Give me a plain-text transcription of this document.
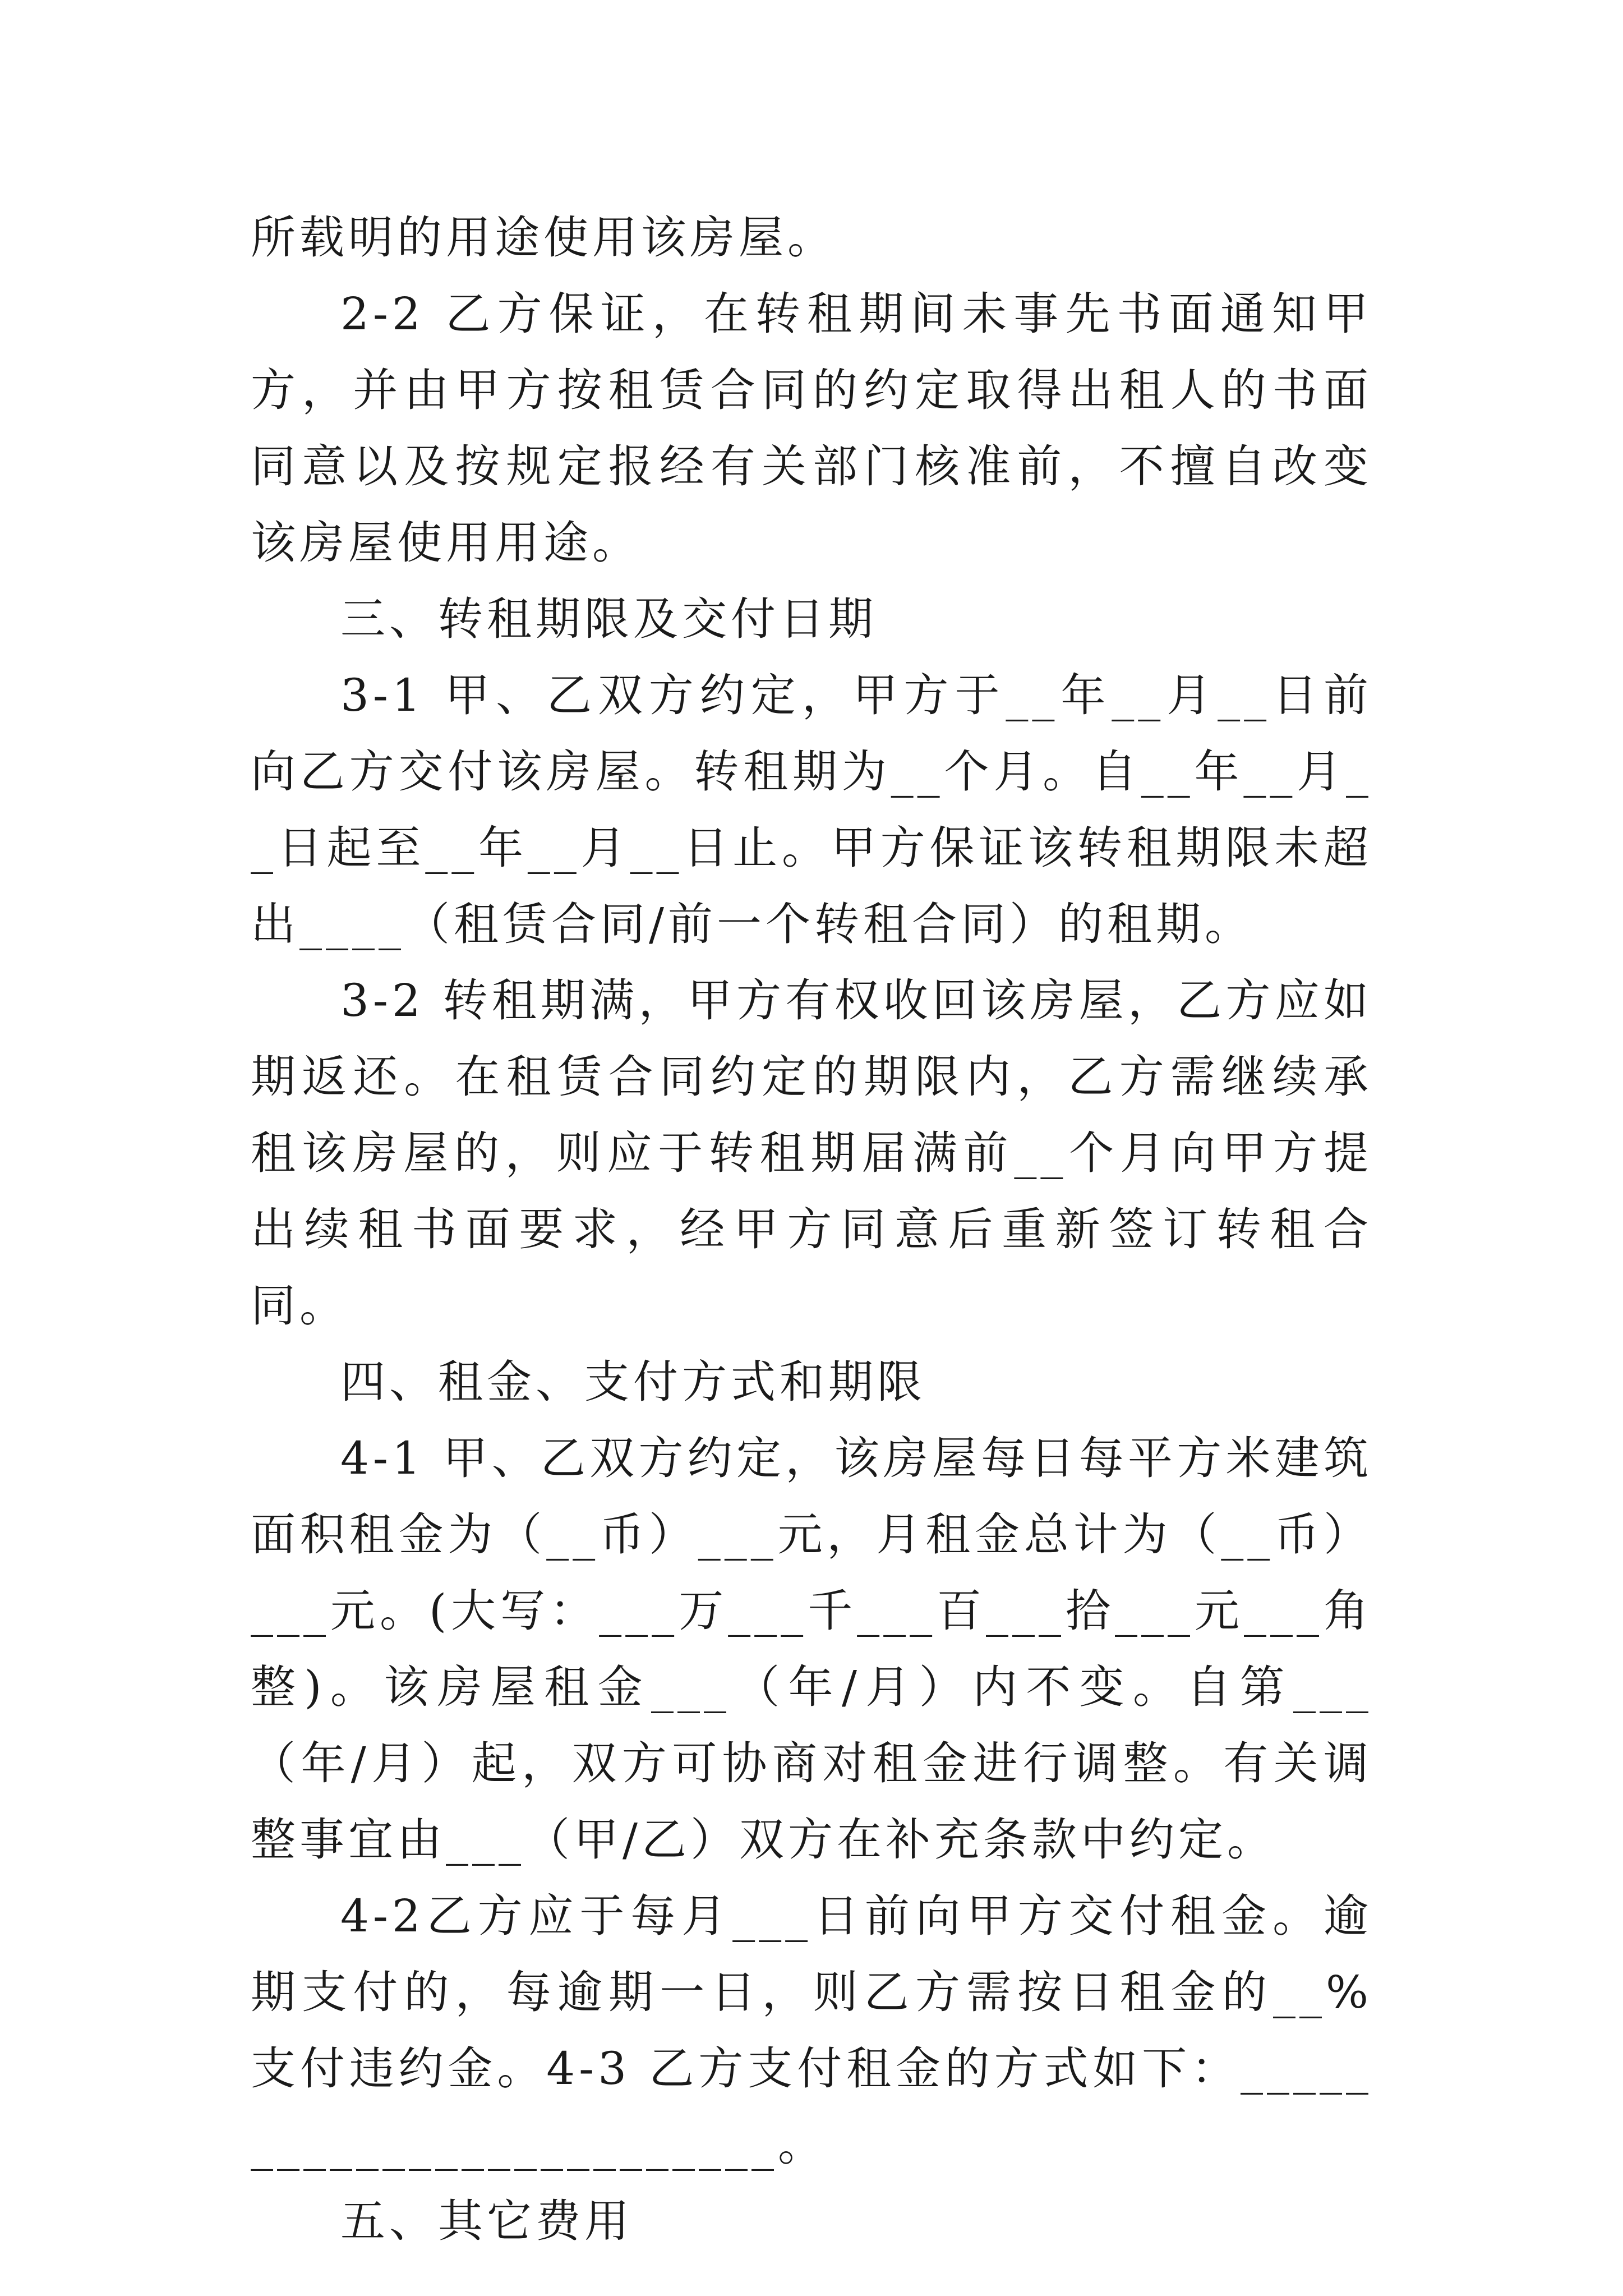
所载明的用途使用该房屋。

2-2 乙方保证，在转租期间未事先书面通知甲方，并由甲方按租赁合同的约定取得出租人的书面同意以及按规定报经有关部门核准前，不擅自改变该房屋使用用途。

三、转租期限及交付日期

3-1 甲、乙双方约定，甲方于__年__月__日前向乙方交付该房屋。转租期为__个月。自__年__月__日起至__年__月__日止。甲方保证该转租期限未超出____（租赁合同/前一个转租合同）的租期。

3-2 转租期满，甲方有权收回该房屋，乙方应如期返还。在租赁合同约定的期限内，乙方需继续承租该房屋的，则应于转租期届满前__个月向甲方提出续租书面要求，经甲方同意后重新签订转租合同。

四、租金、支付方式和期限

4-1 甲、乙双方约定，该房屋每日每平方米建筑面积租金为（__币）___元，月租金总计为（__币）___元。(大写：___万___千___百___拾___元___角整)。该房屋租金___（年/月）内不变。自第___（年/月）起，双方可协商对租金进行调整。有关调整事宜由___（甲/乙）双方在补充条款中约定。

4-2乙方应于每月___日前向甲方交付租金。逾期支付的，每逾期一日，则乙方需按日租金的__%支付违约金。4-3 乙方支付租金的方式如下：_________________________。

五、其它费用
